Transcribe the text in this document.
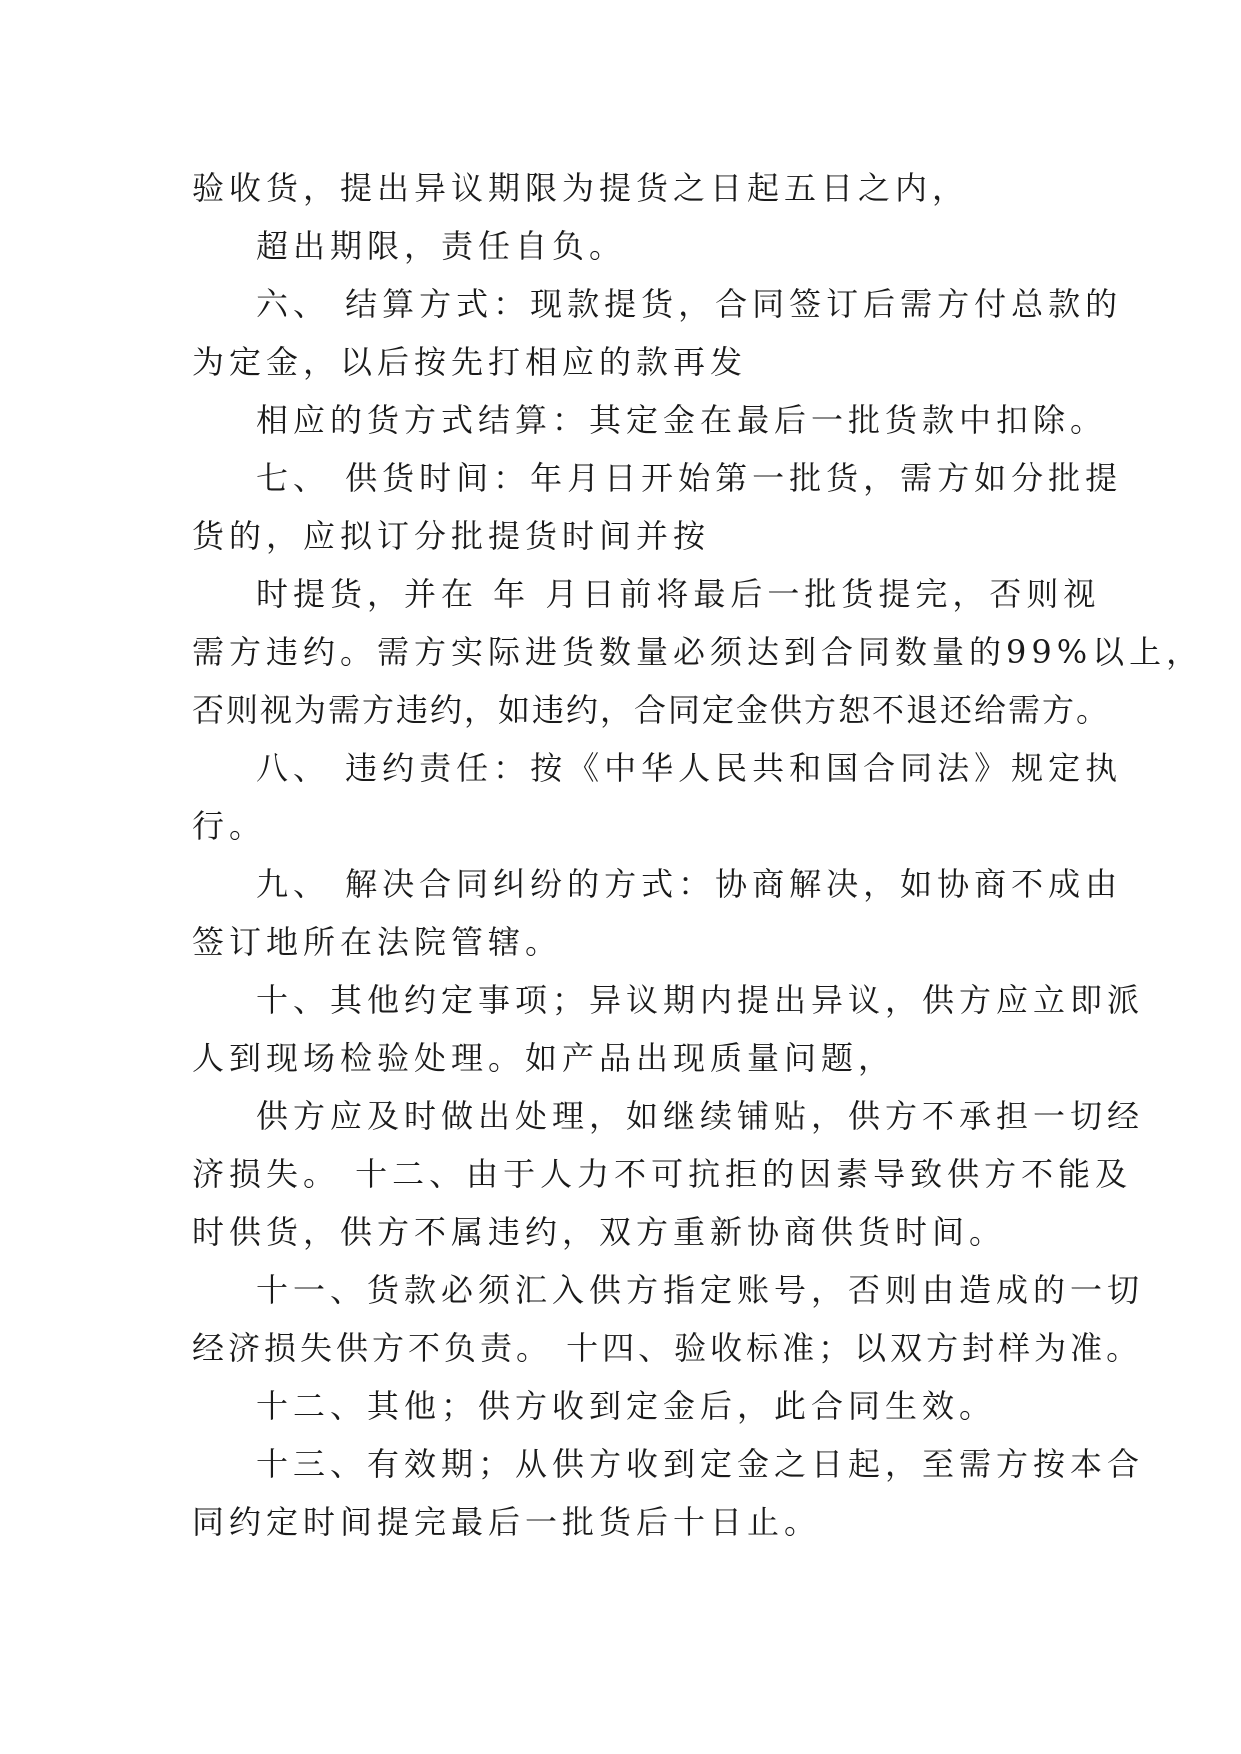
验收货，提出异议期限为提货之日起五日之内，
超出期限，责任自负。
六、 结算方式：现款提货，合同签订后需方付总款的
为定金，以后按先打相应的款再发
相应的货方式结算：其定金在最后一批货款中扣除。
七、 供货时间：年月日开始第一批货，需方如分批提
货的，应拟订分批提货时间并按
时提货，并在 年 月日前将最后一批货提完，否则视
需方违约。需方实际进货数量必须达到合同数量的99%以上，
否则视为需方违约，如违约，合同定金供方恕不退还给需方。
八、 违约责任：按《中华人民共和国合同法》规定执
行。
九、 解决合同纠纷的方式：协商解决，如协商不成由
签订地所在法院管辖。
十、其他约定事项；异议期内提出异议，供方应立即派
人到现场检验处理。如产品出现质量问题，
供方应及时做出处理，如继续铺贴，供方不承担一切经
济损失。 十二、由于人力不可抗拒的因素导致供方不能及
时供货，供方不属违约，双方重新协商供货时间。
十一、货款必须汇入供方指定账号，否则由造成的一切
经济损失供方不负责。 十四、验收标准；以双方封样为准。
十二、其他；供方收到定金后，此合同生效。
十三、有效期；从供方收到定金之日起，至需方按本合
同约定时间提完最后一批货后十日止。
